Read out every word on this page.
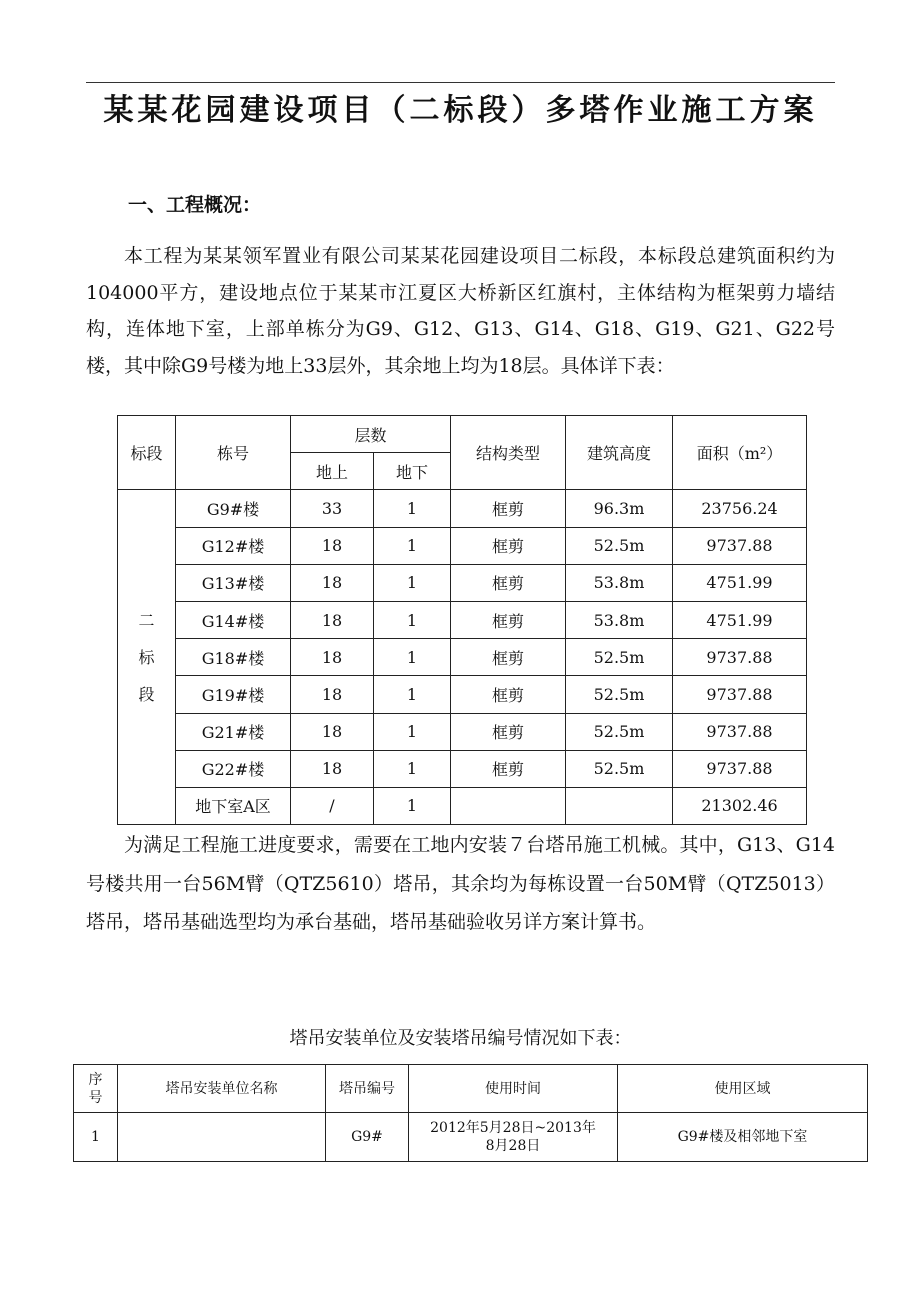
某某花园建设项目（二标段）多塔作业施工方案
一、工程概况：

本工程为某某领军置业有限公司某某花园建设项目二标段，本标段总建筑面积约为104000平方，建设地点位于某某市江夏区大桥新区红旗村，主体结构为框架剪力墙结构，连体地下室，上部单栋分为G9、G12、G13、G14、G18、G19、G21、G22号楼，其中除G9号楼为地上33层外，其余地上均为18层。具体详下表：

标段	栋号	层数		结构类型	建筑高度	面积（m²）
		地上	地下			

二
标
段	G9#楼	33	1	框剪	96.3m	23756.24
	G12#楼	18	1	框剪	52.5m	9737.88
	G13#楼	18	1	框剪	53.8m	4751.99
	G14#楼	18	1	框剪	53.8m	4751.99
	G18#楼	18	1	框剪	52.5m	9737.88
	G19#楼	18	1	框剪	52.5m	9737.88
	G21#楼	18	1	框剪	52.5m	9737.88
	G22#楼	18	1	框剪	52.5m	9737.88
	地下室A区	/	1			21302.46

为满足工程施工进度要求，需要在工地内安装７台塔吊施工机械。其中，G13、G14号楼共用一台56M臂（QTZ5610）塔吊，其余均为每栋设置一台50M臂（QTZ5013）塔吊，塔吊基础选型均为承台基础，塔吊基础验收另详方案计算书。

塔吊安装单位及安装塔吊编号情况如下表：
序
号	塔吊安装单位名称	塔吊编号	使用时间	使用区域
1		G9#	2012年5月28日~2013年
8月28日	G9#楼及相邻地下室
